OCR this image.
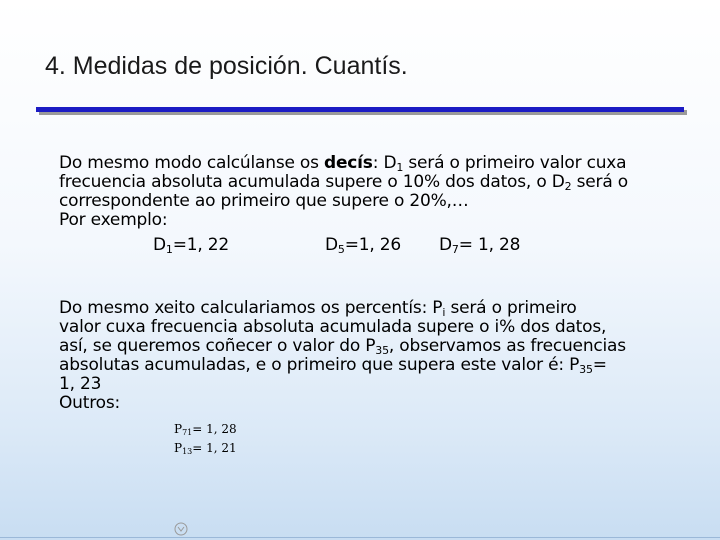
4. Medidas de posición. Cuantís.
Do mesmo modo calcúlanse os decís: $D_1$ será o primeiro valor cuxa
frecuencia absoluta acumulada supere o 10% dos datos, o $D_2$ será o
correspondente ao primeiro que supere o 20%,…
Por exemplo:
$D_1=1$, 22	$D_5=1$, 26 $D_7= 1$, 28
Do mesmo xeito calculariamos os percentís: $P_i$ será o primeiro
valor cuxa frecuencia absoluta acumulada supere o i% dos datos,
así, se queremos coñecer o valor do $P_{35}$, observamos as frecuencias
absolutas acumuladas, e o primeiro que supera este valor é: $P_{35}=$
1, 23
Outros:
$P_{71}= 1$, 28
$P_{13}= 1$, 21
